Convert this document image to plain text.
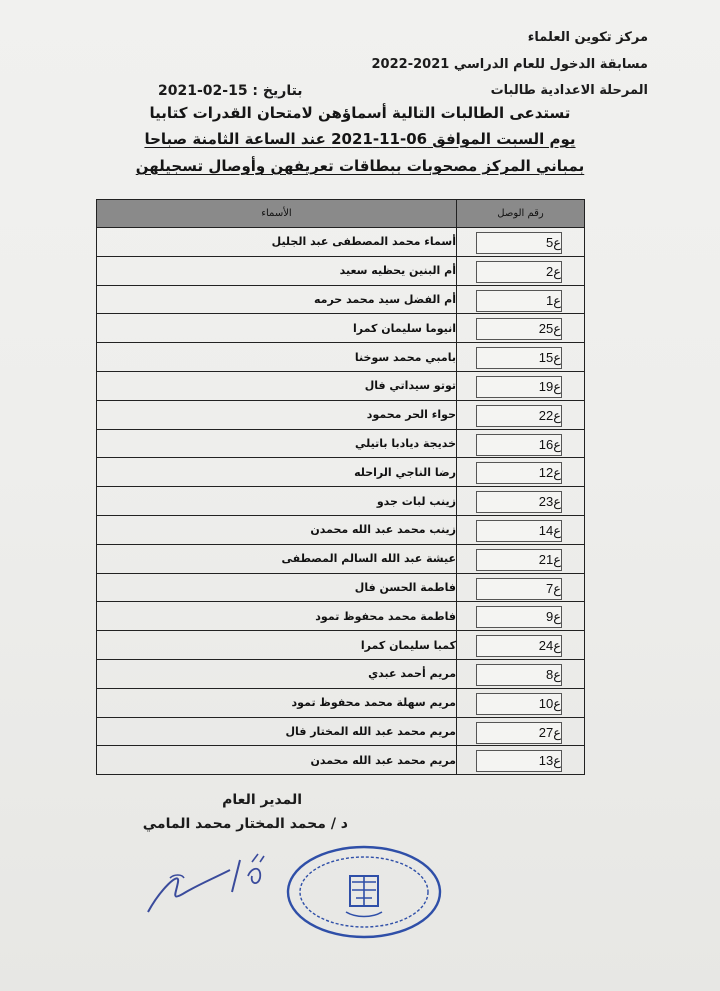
مركز تكوين العلماء
مسابقة الدخول للعام الدراسي 2021-2022
المرحلة الاعدادية طالبات
بتاريخ : 15-02-2021
تستدعى الطالبات التالية أسماؤهن لامتحان القدرات كتابيا
يوم السبت الموافق 06-11-2021 عند الساعة الثامنة صباحا
بمباني المركز مصحوبات ببطاقات تعريفهن وأوصال تسجيلهن
الأسماء	رقم الوصل

أسماء محمد المصطفى عبد الجليل	ع5

أم البنين يحظيه سعيد	ع2

أم الفضل سيد محمد حرمه	ع1

انيوما سليمان كمرا	ع25

بامبي محمد سوخنا	ع15

توتو سيداتي فال	ع19

حواء الحر محمود	ع22

خديجة ديادبا باتيلي	ع16

رضا الناجي الراحله	ع12

زينب لبات جدو	ع23

زينب محمد عبد الله محمدن	ع14

عيشة عبد الله السالم المصطفى	ع21

فاطمة الحسن فال	ع7

فاطمة محمد محفوظ تمود	ع9

كمبا سليمان كمرا	ع24

مريم أحمد عبدي	ع8

مريم سهلة محمد محفوظ تمود	ع10

مريم محمد عبد الله المختار فال	ع27

مريم محمد عبد الله محمدن	ع13
المدير العام
د / محمد المختار محمد المامي
